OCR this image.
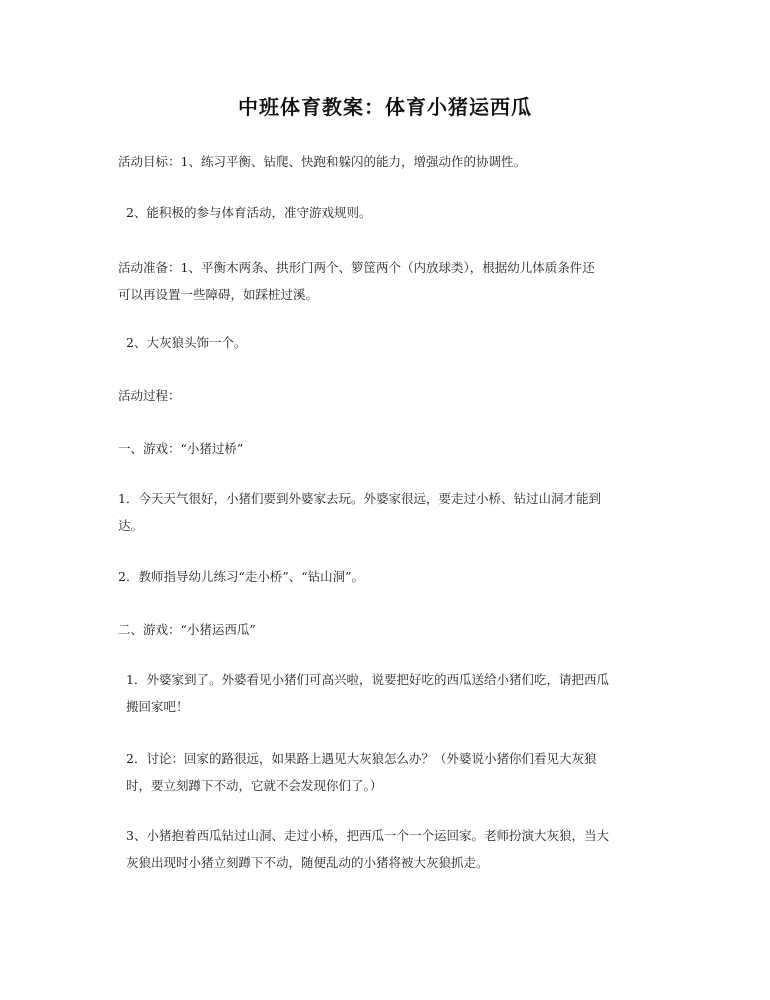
中班体育教案：体育小猪运西瓜
活动目标：1、练习平衡、钻爬、快跑和躲闪的能力，增强动作的协调性。
2、能积极的参与体育活动，准守游戏规则。
活动准备：1、平衡木两条、拱形门两个、箩筐两个（内放球类），根据幼儿体质条件还
可以再设置一些障碍，如踩桩过溪。
2、大灰狼头饰一个。
活动过程：
一、游戏：“小猪过桥”
1．今天天气很好，小猪们要到外婆家去玩。外婆家很远，要走过小桥、钻过山洞才能到
达。
2．教师指导幼儿练习“走小桥”、“钻山洞”。
二、游戏：“小猪运西瓜”
1．外婆家到了。外婆看见小猪们可高兴啦，说要把好吃的西瓜送给小猪们吃，请把西瓜
搬回家吧！
2．讨论：回家的路很远，如果路上遇见大灰狼怎么办？（外婆说小猪你们看见大灰狼
时，要立刻蹲下不动，它就不会发现你们了。）
3、小猪抱着西瓜钻过山洞、走过小桥，把西瓜一个一个运回家。老师扮演大灰狼，当大
灰狼出现时小猪立刻蹲下不动，随便乱动的小猪将被大灰狼抓走。
